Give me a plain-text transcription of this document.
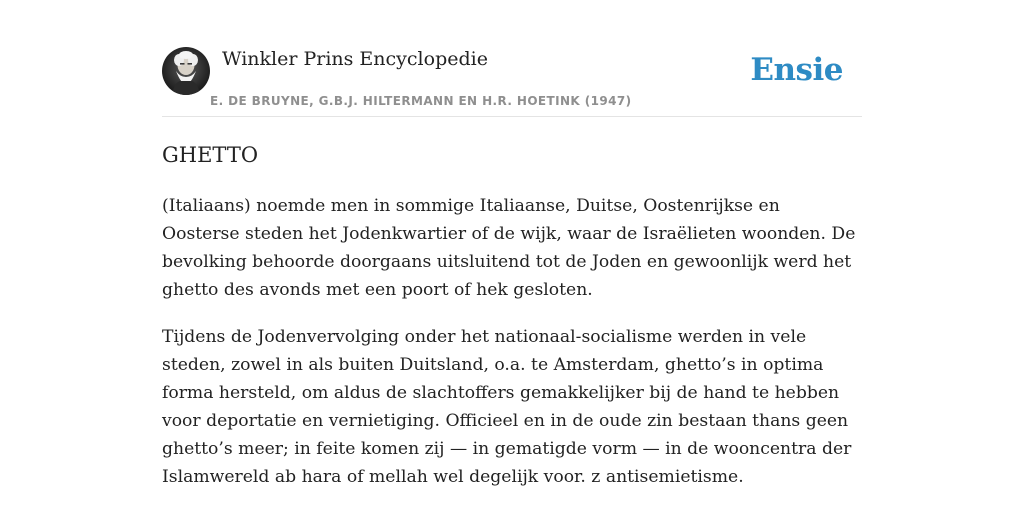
Winkler Prins Encyclopedie
E. DE BRUYNE, G.B.J. HILTERMANN EN H.R. HOETINK (1947)
Ensie
GHETTO

(Italiaans) noemde men in sommige Italiaanse, Duitse, Oostenrijkse en Oosterse steden het Jodenkwartier of de wijk, waar de Israëlieten woonden. De bevolking behoorde doorgaans uitsluitend tot de Joden en gewoonlijk werd het ghetto des avonds met een poort of hek gesloten.

Tijdens de Jodenvervolging onder het nationaal-socialisme werden in vele steden, zowel in als buiten Duitsland, o.a. te Amsterdam, ghetto’s in optima forma hersteld, om aldus de slachtoffers gemakkelijker bij de hand te hebben voor deportatie en vernietiging. Officieel en in de oude zin bestaan thans geen ghetto’s meer; in feite komen zij — in gematigde vorm — in de wooncentra der Islamwereld ab hara of mellah wel degelijk voor. z antisemietisme.
